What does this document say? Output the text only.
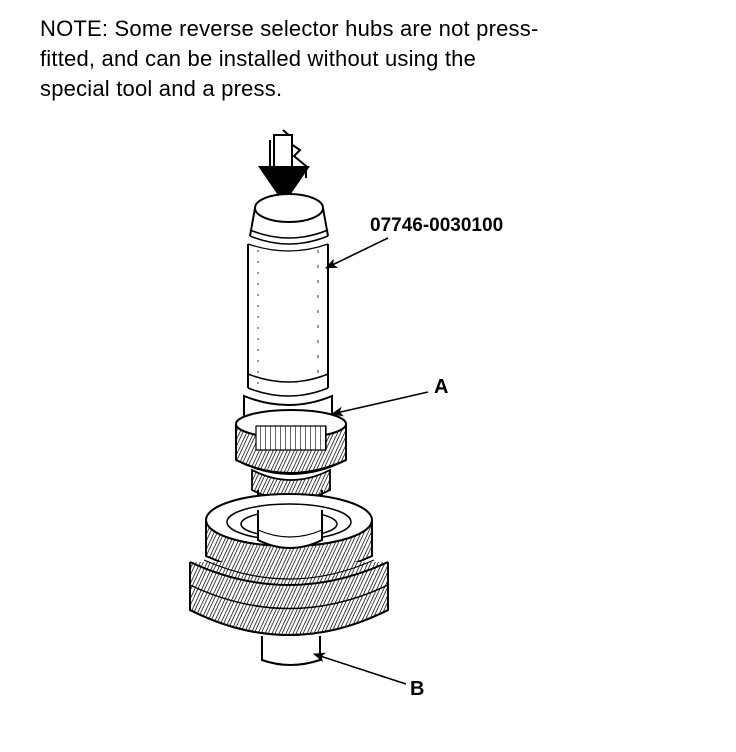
NOTE: Some reverse selector hubs are not press-
fitted, and can be installed without using the
special tool and a press.
07746-0030100
A
B
